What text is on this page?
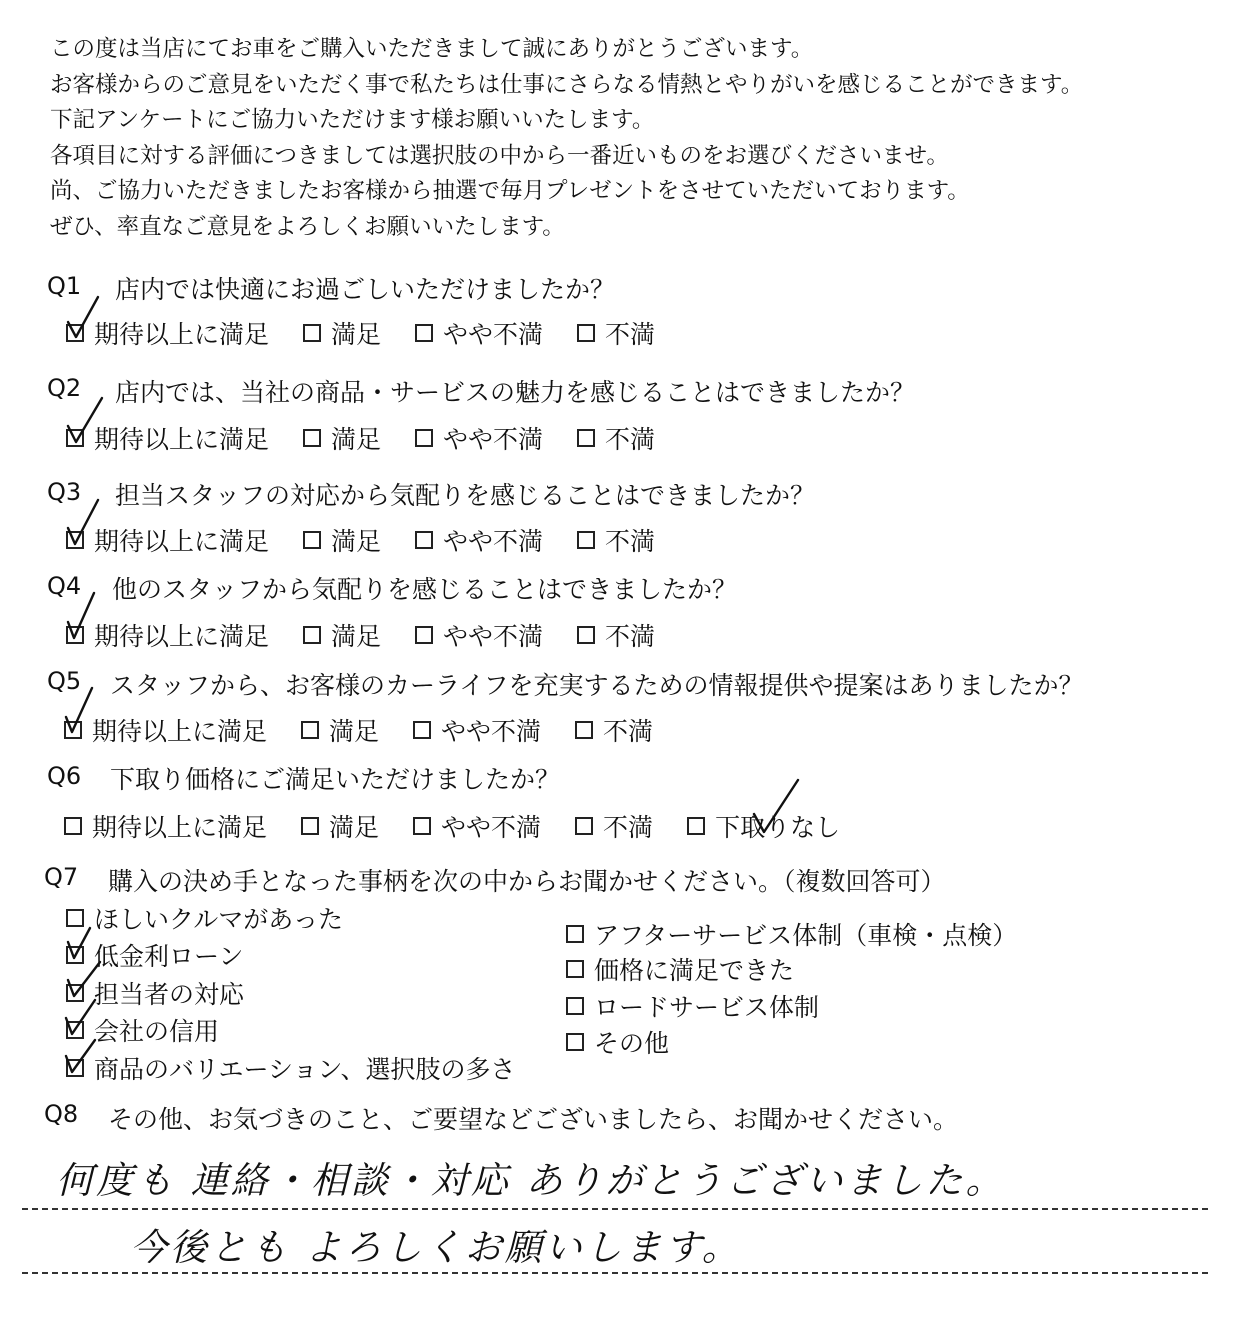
この度は当店にてお車をご購入いただきまして誠にありがとうございます。
お客様からのご意見をいただく事で私たちは仕事にさらなる情熱とやりがいを感じることができます。
下記アンケートにご協力いただけます様お願いいたします。
各項目に対する評価につきましては選択肢の中から一番近いものをお選びくださいませ。
尚、ご協力いただきましたお客様から抽選で毎月プレゼントをさせていただいております。
ぜひ、率直なご意見をよろしくお願いいたします。
Q1 店内では快適にお過ごしいただけましたか？
期待以上に満足 満足 やや不満 不満
Q2 店内では、当社の商品・サービスの魅力を感じることはできましたか？
期待以上に満足 満足 やや不満 不満
Q3 担当スタッフの対応から気配りを感じることはできましたか？
期待以上に満足 満足 やや不満 不満
Q4 他のスタッフから気配りを感じることはできましたか？
期待以上に満足 満足 やや不満 不満
Q5 スタッフから、お客様のカーライフを充実するための情報提供や提案はありましたか？
期待以上に満足 満足 やや不満 不満
Q6 下取り価格にご満足いただけましたか？
期待以上に満足 満足 やや不満 不満 下取りなし
Q7 購入の決め手となった事柄を次の中からお聞かせください。（複数回答可）
ほしいクルマがあった
低金利ローン
担当者の対応
会社の信用
商品のバリエーション、選択肢の多さ
アフターサービス体制（車検・点検）
価格に満足できた
ロードサービス体制
その他
Q8 その他、お気づきのこと、ご要望などございましたら、お聞かせください。
何度も 連絡・相談・対応 ありがとうございました。
今後とも よろしくお願いします。
